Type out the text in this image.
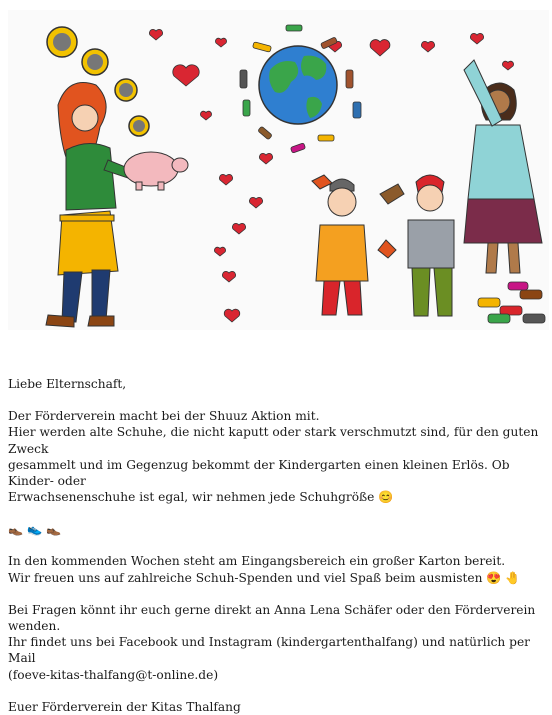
Liebe Elternschaft,

Der Förderverein macht bei der Shuuz Aktion mit.

Hier werden alte Schuhe, die nicht kaputt oder stark verschmutzt sind, für den guten Zweck

gesammelt und im Gegenzug bekommt der Kindergarten einen kleinen Erlös. Ob Kinder- oder

Erwachsenenschuhe ist egal, wir nehmen jede Schuhgröße 😊

👞 👟 👞

In den kommenden Wochen steht am Eingangsbereich ein großer Karton bereit.

Wir freuen uns auf zahlreiche Schuh-Spenden und viel Spaß beim ausmisten 😍 🤚

Bei Fragen könnt ihr euch gerne direkt an Anna Lena Schäfer oder den Förderverein wenden.

Ihr findet uns bei Facebook und Instagram (kindergartenthalfang) und natürlich per Mail

(foeve-kitas-thalfang@t-online.de)

Euer Förderverein der Kitas Thalfang
